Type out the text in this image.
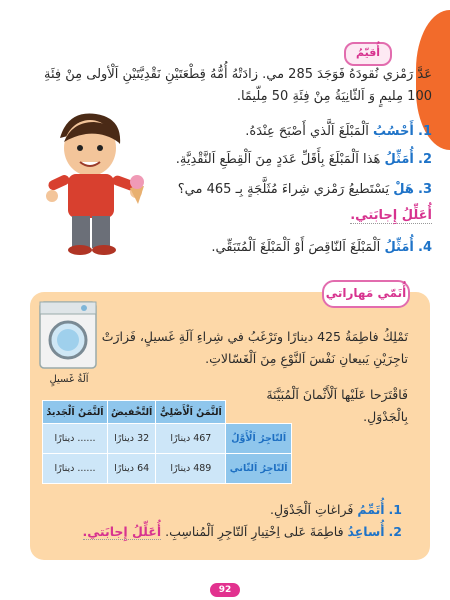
أُقيّمُ
عَدَّ رَمْزي نُقودَهُ فَوَجَدَ 285 مي. زادَتْهُ أُمُّهُ قِطْعَتَيْنِ نَقْدِيَّتَيْنِ اَلْأولى مِنْ فِئَةِ 100 مِليمٍ وَ اَلثّانِيَةُ مِنْ فِئَةِ 50 مِلّيمًا.
1. أَحْسُبُ اَلْمَبْلَغَ اَلَّذي أَصْبَحَ عِنْدَهُ.
2. أُمَثِّلُ هَذا اَلْمَبْلَغَ بِأَقَلِّ عَدَدٍ مِنَ اَلْقِطَعِ اَلنَّقْدِيَّةِ.
3. هَلْ يَسْتَطيعُ رَمْزي شِراءَ مُثَلَّجَةٍ بِـ 465 مي؟
أُعَلِّلُ إِجابَتي.
4. أُمَثِّلُ اَلْمَبْلَغَ اَلنّاقِصَ أَوْ اَلْمَبْلَغَ اَلْمُتَبَقِّي.
أُنَمّي مَهاراتي
آلَةُ غَسيلٍ
تَمْلِكُ فاطِمَةُ 425 دينارًا وتَرْغَبُ في شِراءِ آلَةِ غَسيلٍ، فَزارَتْ تاجِرَيْنِ يَبيعانِ نَفْسَ اَلنَّوْعِ مِنَ اَلْغَسّالاتِ.
فَاقْتَرَحا عَلَيْها اَلْأَثْمانَ اَلْمُبَيَّنَةَ بِالْجَدْوَلِ.
	اَلثَّمَنُ اَلْأَصْلِيُّ	اَلتَّخْفيضُ	اَلثَّمَنُ اَلْجَديدُ
اَلتّاجِرُ اَلْأَوَّلُ	467 دينارًا	32 دينارًا	...... دينارًا
اَلتّاجِرُ اَلثّاني	489 دينارًا	64 دينارًا	...... دينارًا
1. أُتَمِّمُ فَراغاتِ اَلْجَدْوَلِ.
2. أُساعِدُ فاطِمَةَ عَلى اِخْتِيارِ اَلتّاجِرِ اَلْمُناسِبِ. أُعَلِّلُ إِجابَتي.
92
